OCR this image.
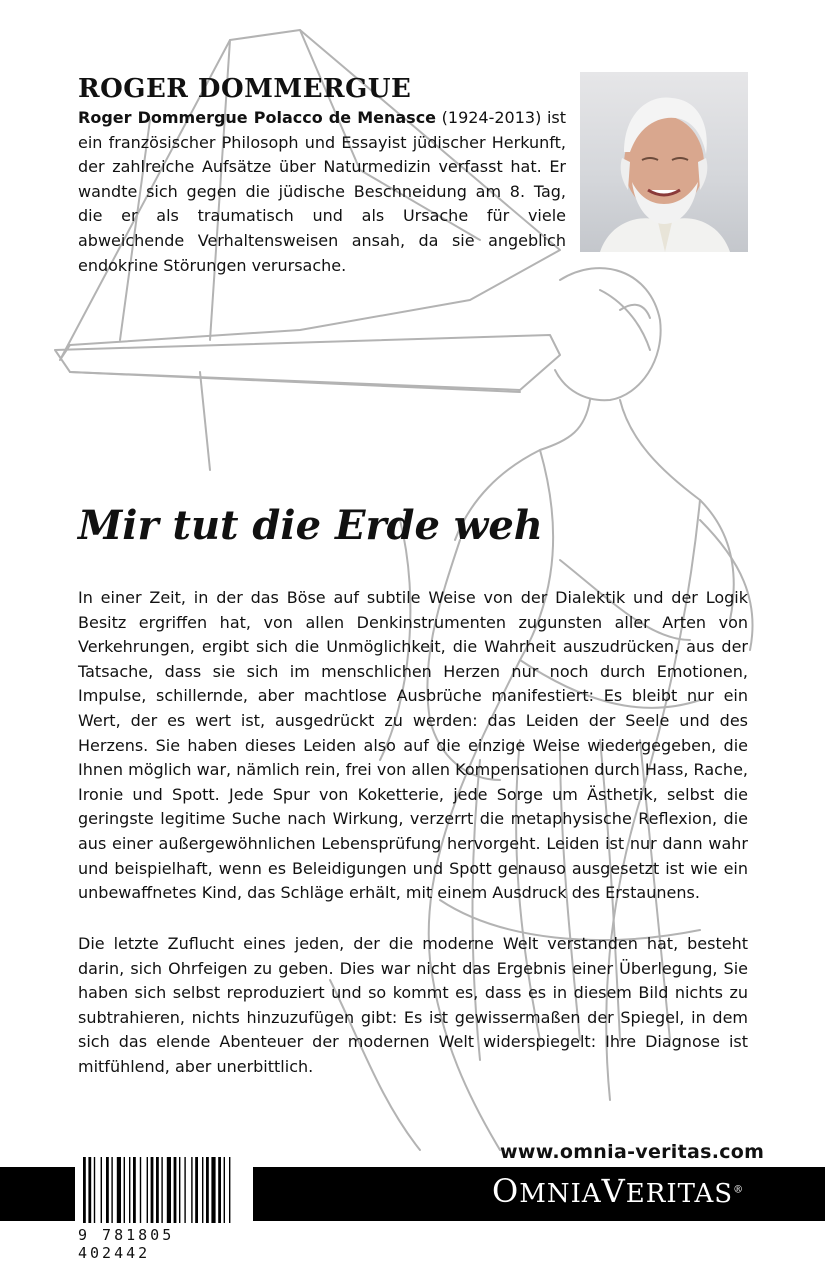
ROGER DOMMERGUE

Roger Dommergue Polacco de Menasce (1924-2013) ist ein französischer Philosoph und Essayist jüdischer Herkunft, der zahlreiche Aufsätze über Naturmedizin verfasst hat. Er wandte sich gegen die jüdische Beschneidung am 8. Tag, die er als traumatisch und als Ursache für viele abweichende Verhaltensweisen ansah, da sie angeblich endokrine Störungen verursache.

Mir tut die Erde weh

In einer Zeit, in der das Böse auf subtile Weise von der Dialektik und der Logik Besitz ergriffen hat, von allen Denkinstrumenten zugunsten aller Arten von Verkehrungen, ergibt sich die Unmöglichkeit, die Wahrheit auszudrücken, aus der Tatsache, dass sie sich im menschlichen Herzen nur noch durch Emotionen, Impulse, schillernde, aber machtlose Ausbrüche manifestiert: Es bleibt nur ein Wert, der es wert ist, ausgedrückt zu werden: das Leiden der Seele und des Herzens. Sie haben dieses Leiden also auf die einzige Weise wiedergegeben, die Ihnen möglich war, nämlich rein, frei von allen Kompensationen durch Hass, Rache, Ironie und Spott. Jede Spur von Koketterie, jede Sorge um Ästhetik, selbst die geringste legitime Suche nach Wirkung, verzerrt die metaphysische Reflexion, die aus einer außergewöhnlichen Lebensprüfung hervorgeht. Leiden ist nur dann wahr und beispielhaft, wenn es Beleidigungen und Spott genauso ausgesetzt ist wie ein unbewaffnetes Kind, das Schläge erhält, mit einem Ausdruck des Erstaunens.

Die letzte Zuflucht eines jeden, der die moderne Welt verstanden hat, besteht darin, sich Ohrfeigen zu geben. Dies war nicht das Ergebnis einer Überlegung, Sie haben sich selbst reproduziert und so kommt es, dass es in diesem Bild nichts zu subtrahieren, nichts hinzuzufügen gibt: Es ist gewissermaßen der Spiegel, in dem sich das elende Abenteuer der modernen Welt widerspiegelt: Ihre Diagnose ist mitfühlend, aber unerbittlich.

www.omnia-veritas.com
9 781805 402442
OMNIAVERITAS®
